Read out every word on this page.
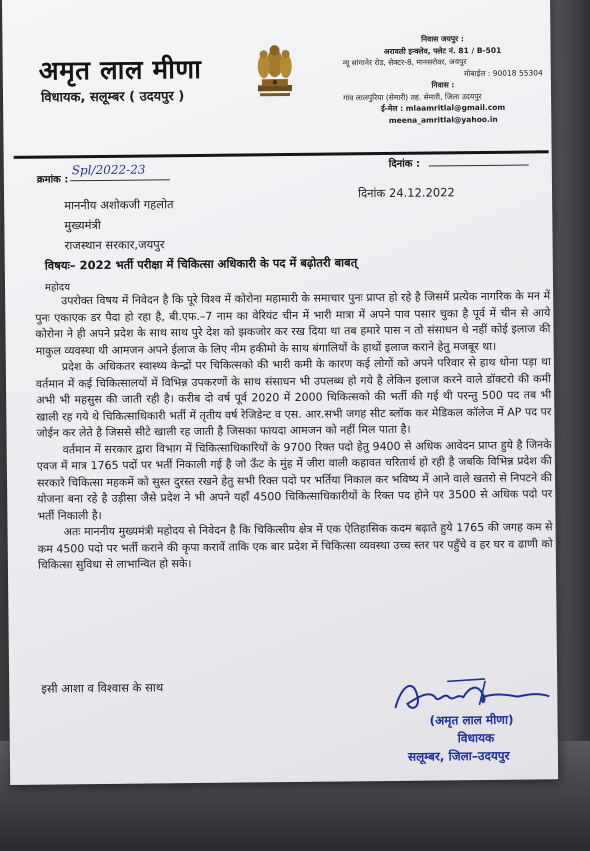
अमृत लाल मीणा
विधायक, सलूम्बर ( उदयपुर )
निवास जयपुर :
अरावली इन्क्लेव, फ्लेट नं. 81 / B-501
न्यू सांगानेर रोड, सेक्टर-8, मानसरोवर, जयपुर
मोबाईल : 90018 55304
निवास :
गांव लालपुरिया (सेमारी) तह. सेमारी, जिला उदयपुर
ई-मेल : mlaamritlal@gmail.com
meena_amritlal@yahoo.in
क्रमांक :
Spl/2022-23	दिनांक :
दिनांक 24.12.2022
माननीय अशोकजी गहलोत
मुख्यमंत्री
राजस्थान सरकार,जयपुर
विषयः– 2022 भर्ती परीक्षा में चिकित्सा अधिकारी के पद में बढ़ोतरी बाबत्
महोदय

उपरोक्त विषय में निवेदन है कि पूरे विश्व में कोरोना महामारी के समाचार पुनः प्राप्त हो रहे है जिसमें प्रत्येक नागरिक के मन में पुनः एकाएक डर पैदा हो रहा है, बी.एफ.–7 नाम का वेरियंट चीन में भारी मात्रा में अपने पाव पसार चुका है पूर्व में चीन से आये कोरोना ने ही अपने प्रदेश के साथ साथ पुरे देश को झकजोर कर रख दिया था तब हमारे पास न तो संसाधन थे नहीं कोई इलाज की माकुल व्यवस्था थी आमजन अपने ईलाज के लिए नीम हकीमो के साथ बंगालियों के हाथों इलाज कराने हेतु मजबूर था।

प्रदेश के अधिकतर स्वास्थ्य केन्द्रों पर चिकित्सको की भारी कमी के कारण कई लोगों को अपने परिवार से हाथ धोना पड़ा था वर्तमान में कई चिकित्सालयों में विभिन्न उपकरणों के साथ संसाधन भी उपलब्ध हो गये है लेकिन इलाज करने वाले डॉक्टरो की कमी अभी भी महसुस की जाती रही है। करीब दो वर्ष पूर्व 2020 में 2000 चिकित्सको की भर्ती की गई थी परन्तु 500 पद तब भी खाली रह गये थे चिकित्साधिकारी भर्ती में तृतीय वर्ष रेजिडेन्ट व एस. आर.सभी जगह सीट ब्लॉक कर मेडिकल कॉलेज में AP पद पर जोईन कर लेते है जिससे सीटे खाली रह जाती है जिसका फायदा आमजन को नहीं मिल पाता है।

वर्तमान में सरकार द्वारा विभाग में चिकित्साधिकारियों के 9700 रिक्त पदो हेतु 9400 से अधिक आवेदन प्राप्त हुये है जिनके एवज में मात्र 1765 पदों पर भर्ती निकाली गई है जो ऊँट के मुंह में जीरा वाली कहावत चरितार्थ हो रही है जबकि विभिन्न प्रदेश की सरकारे चिकित्सा महकमें को सुस्त दुरस्त रखने हेतु सभी रिक्त पदो पर भर्तिया निकाल कर भविष्य में आने वाले खतरो से निपटने की योजना बना रहे है उड़ीसा जैसे प्रदेश ने भी अपने यहाँ 4500 चिकित्साधिकारीयों के रिक्त पद होने पर 3500 से अधिक पदो पर भर्ती निकाली है।

अतः माननीय मुख्यमंत्री महोदय से निवेदन है कि चिकित्सीय क्षेत्र में एक ऐतिहासिक कदम बढ़ाते हुये 1765 की जगह कम से कम 4500 पदो पर भर्ती कराने की कृपा करावें ताकि एक बार प्रदेश में चिकित्सा व्यवस्था उच्च स्तर पर पहुँचे व हर घर व ढाणी को चिकित्सा सुविधा से लाभान्वित हो सके।

इसी आशा व विश्वास के साथ
(अमृत लाल मीणा)
विधायक
सलूम्बर, जिला–उदयपुर
